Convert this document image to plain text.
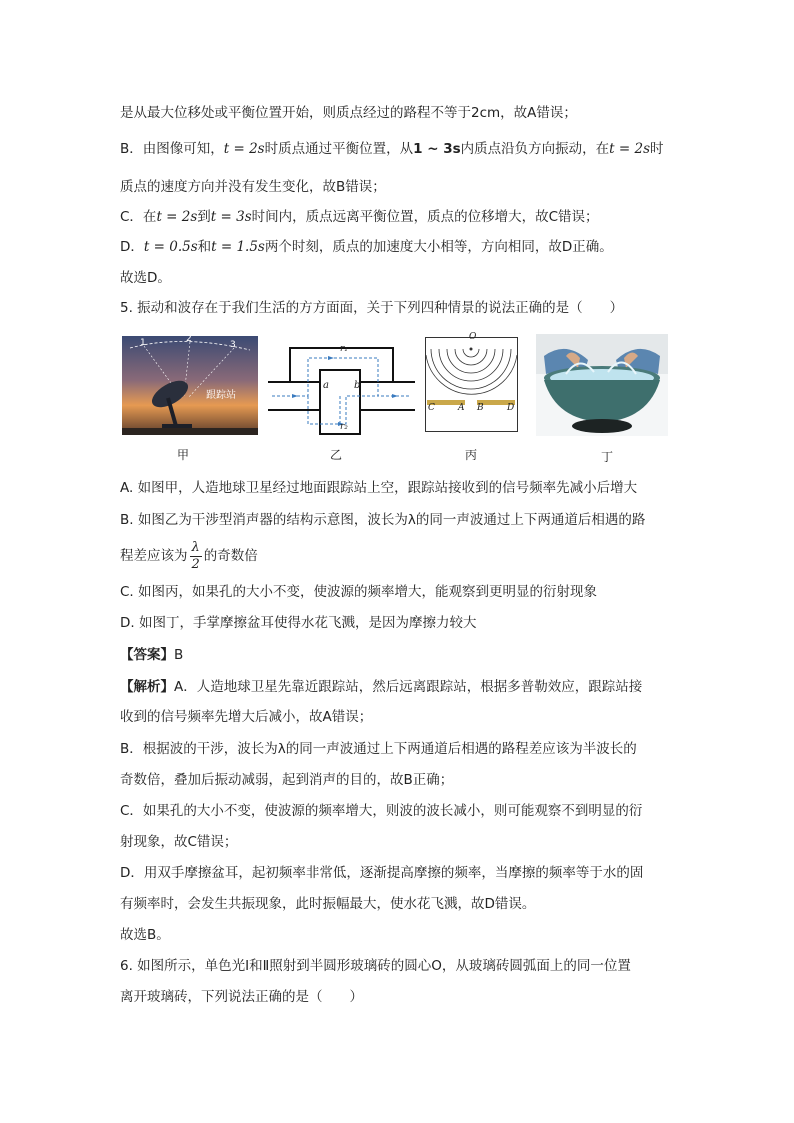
是从最大位移处或平衡位置开始，则质点经过的路程不等于2cm，故A错误；
B．由图像可知，t = 2s时质点通过平衡位置，从1 ~ 3s内质点沿负方向振动，在t = 2s时
质点的速度方向并没有发生变化，故B错误；
C．在t = 2s到t = 3s时间内，质点远离平衡位置，质点的位移增大，故C错误；
D．t = 0.5s和t = 1.5s两个时刻，质点的加速度大小相等，方向相同，故D正确。
故选D。
5. 振动和波存在于我们生活的方方面面，关于下列四种情景的说法正确的是（　　）
1	2
3
跟踪站
甲
r₁
a	b
r₂
乙
O
C	A B	D
丙	丁
A. 如图甲，人造地球卫星经过地面跟踪站上空，跟踪站接收到的信号频率先减小后增大
B. 如图乙为干涉型消声器的结构示意图，波长为λ的同一声波通过上下两通道后相遇的路
程差应该为 $\frac{\lambda}{2}$ 的奇数倍
C. 如图丙，如果孔的大小不变，使波源的频率增大，能观察到更明显的衍射现象
D. 如图丁，手掌摩擦盆耳使得水花飞溅，是因为摩擦力较大
【答案】B
【解析】A．人造地球卫星先靠近跟踪站，然后远离跟踪站，根据多普勒效应，跟踪站接
收到的信号频率先增大后减小，故A错误；
B．根据波的干涉，波长为λ的同一声波通过上下两通道后相遇的路程差应该为半波长的
奇数倍，叠加后振动减弱，起到消声的目的，故B正确；
C．如果孔的大小不变，使波源的频率增大，则波的波长减小，则可能观察不到明显的衍
射现象，故C错误；
D．用双手摩擦盆耳，起初频率非常低，逐渐提高摩擦的频率，当摩擦的频率等于水的固
有频率时，会发生共振现象，此时振幅最大，使水花飞溅，故D错误。
故选B。
6. 如图所示，单色光Ⅰ和Ⅱ照射到半圆形玻璃砖的圆心O，从玻璃砖圆弧面上的同一位置
离开玻璃砖，下列说法正确的是（　　）
